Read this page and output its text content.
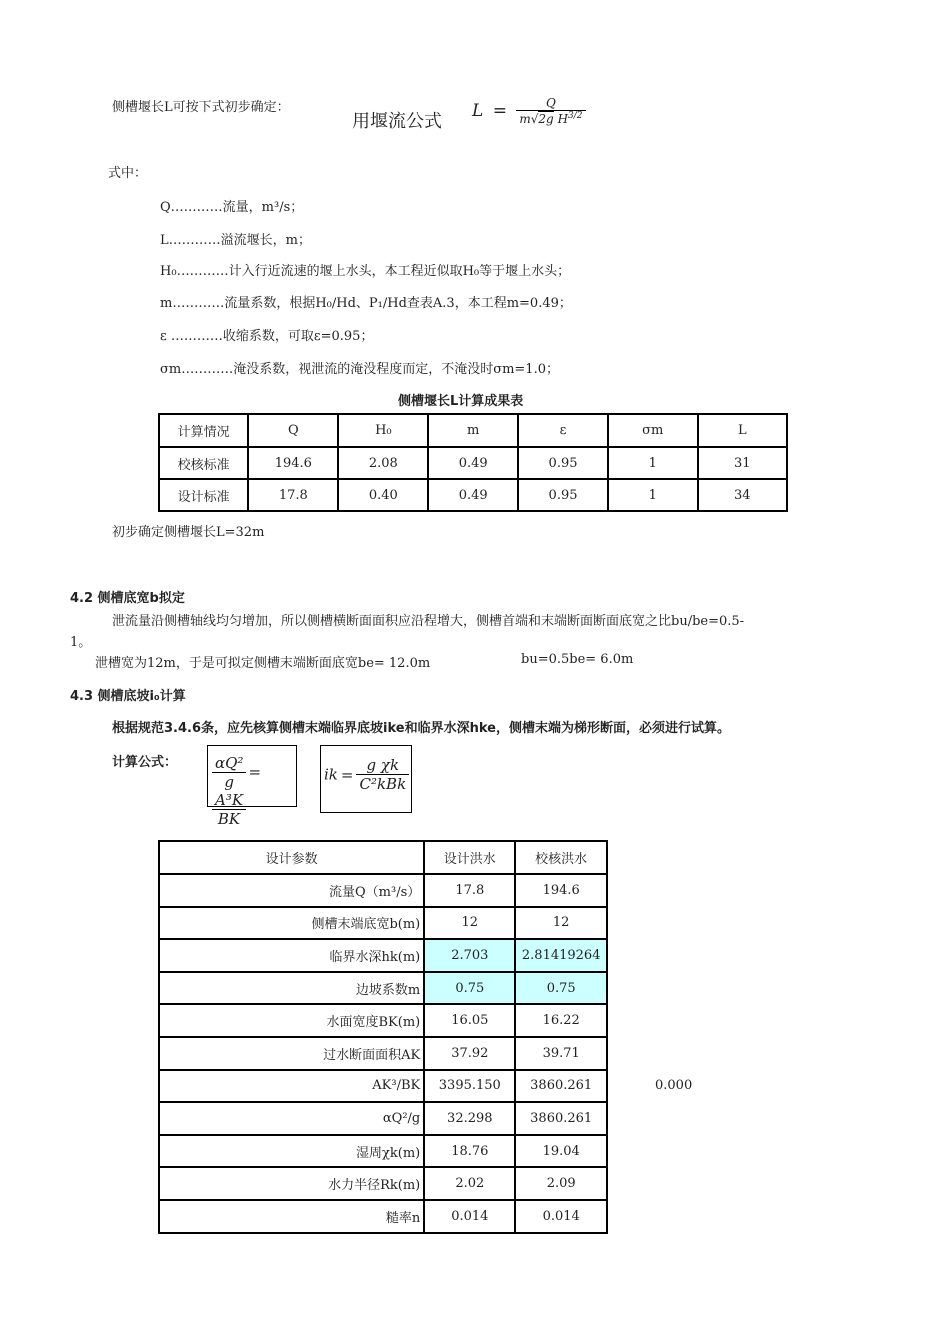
侧槽堰长L可按下式初步确定：
用堰流公式 $L = \frac{Q}{m√2g H^{3/2}}$
式中：
Q…………流量，m³/s；
L…………溢流堰长，m；
H₀…………计入行近流速的堰上水头，本工程近似取H₀等于堰上水头；
m…………流量系数，根据H₀/Hd、P₁/Hd查表A.3，本工程m=0.49；
ε …………收缩系数，可取ε=0.95；
σm…………淹没系数，视泄流的淹没程度而定，不淹没时σm=1.0；
侧槽堰长L计算成果表
计算情况	Q	H₀	m	ε	σm	L
校核标准	194.6	2.08	0.49	0.95	1	31
设计标准	17.8	0.40	0.49	0.95	1	34
初步确定侧槽堰长L=32m
4.2 侧槽底宽b拟定
泄流量沿侧槽轴线均匀增加，所以侧槽横断面面积应沿程增大，侧槽首端和末端断面断面底宽之比bu/be=0.5-
1。
泄槽宽为12m，于是可拟定侧槽末端断面底宽be= 12.0m	bu=0.5be= 6.0m
4.3 侧槽底坡i₀计算
根据规范3.4.6条，应先核算侧槽末端临界底坡ike和临界水深hke，侧槽末端为梯形断面，必须进行试算。
计算公式： $\frac{\text{αQ²}}{g}$ =
$\frac{\text{A³K}}{BK}$
ik = $\frac{\text{g χk}}{\text{C²kBk}}$
设计参数	设计洪水	校核洪水
流量Q（m³/s）	17.8	194.6
侧槽末端底宽b(m)	12	12
临界水深hk(m)	2.703	2.81419264
边坡系数m	0.75	0.75
水面宽度BK(m)	16.05	16.22
过水断面面积AK	37.92	39.71
AK³/BK	3395.150	3860.261
αQ²/g	32.298	3860.261
湿周χk(m)	18.76	19.04
水力半径Rk(m)	2.02	2.09
糙率n	0.014	0.014
0.000
